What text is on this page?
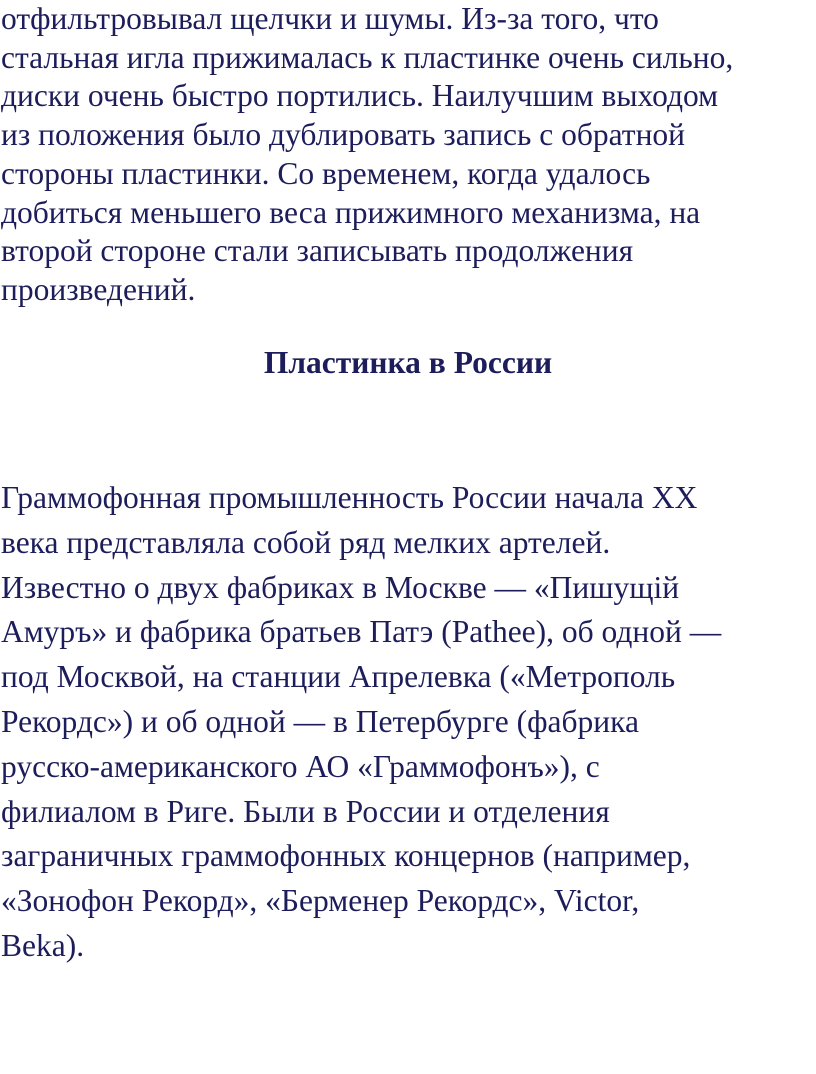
отфильтровывал щелчки и шумы. Из-за того, что
стальная игла прижималась к пластинке очень сильно,
диски очень быстро портились. Наилучшим выходом
из положения было дублировать запись с обратной
стороны пластинки. Со временем, когда удалось
добиться меньшего веса прижимного механизма, на
второй стороне стали записывать продолжения
произведений.

Пластинка в России

Граммофонная промышленность России начала XX
века представляла собой ряд мелких артелей.
Известно о двух фабриках в Москве — «Пишущій
Амуръ» и фабрика братьев Патэ (Pathee), об одной —
под Москвой, на станции Апрелевка («Метрополь
Рекордс») и об одной — в Петербурге (фабрика
русско-американского АО «Граммофонъ»), с
филиалом в Риге. Были в России и отделения
заграничных граммофонных концернов (например,
«Зонофон Рекорд», «Берменер Рекордс», Victor,
Beka).
